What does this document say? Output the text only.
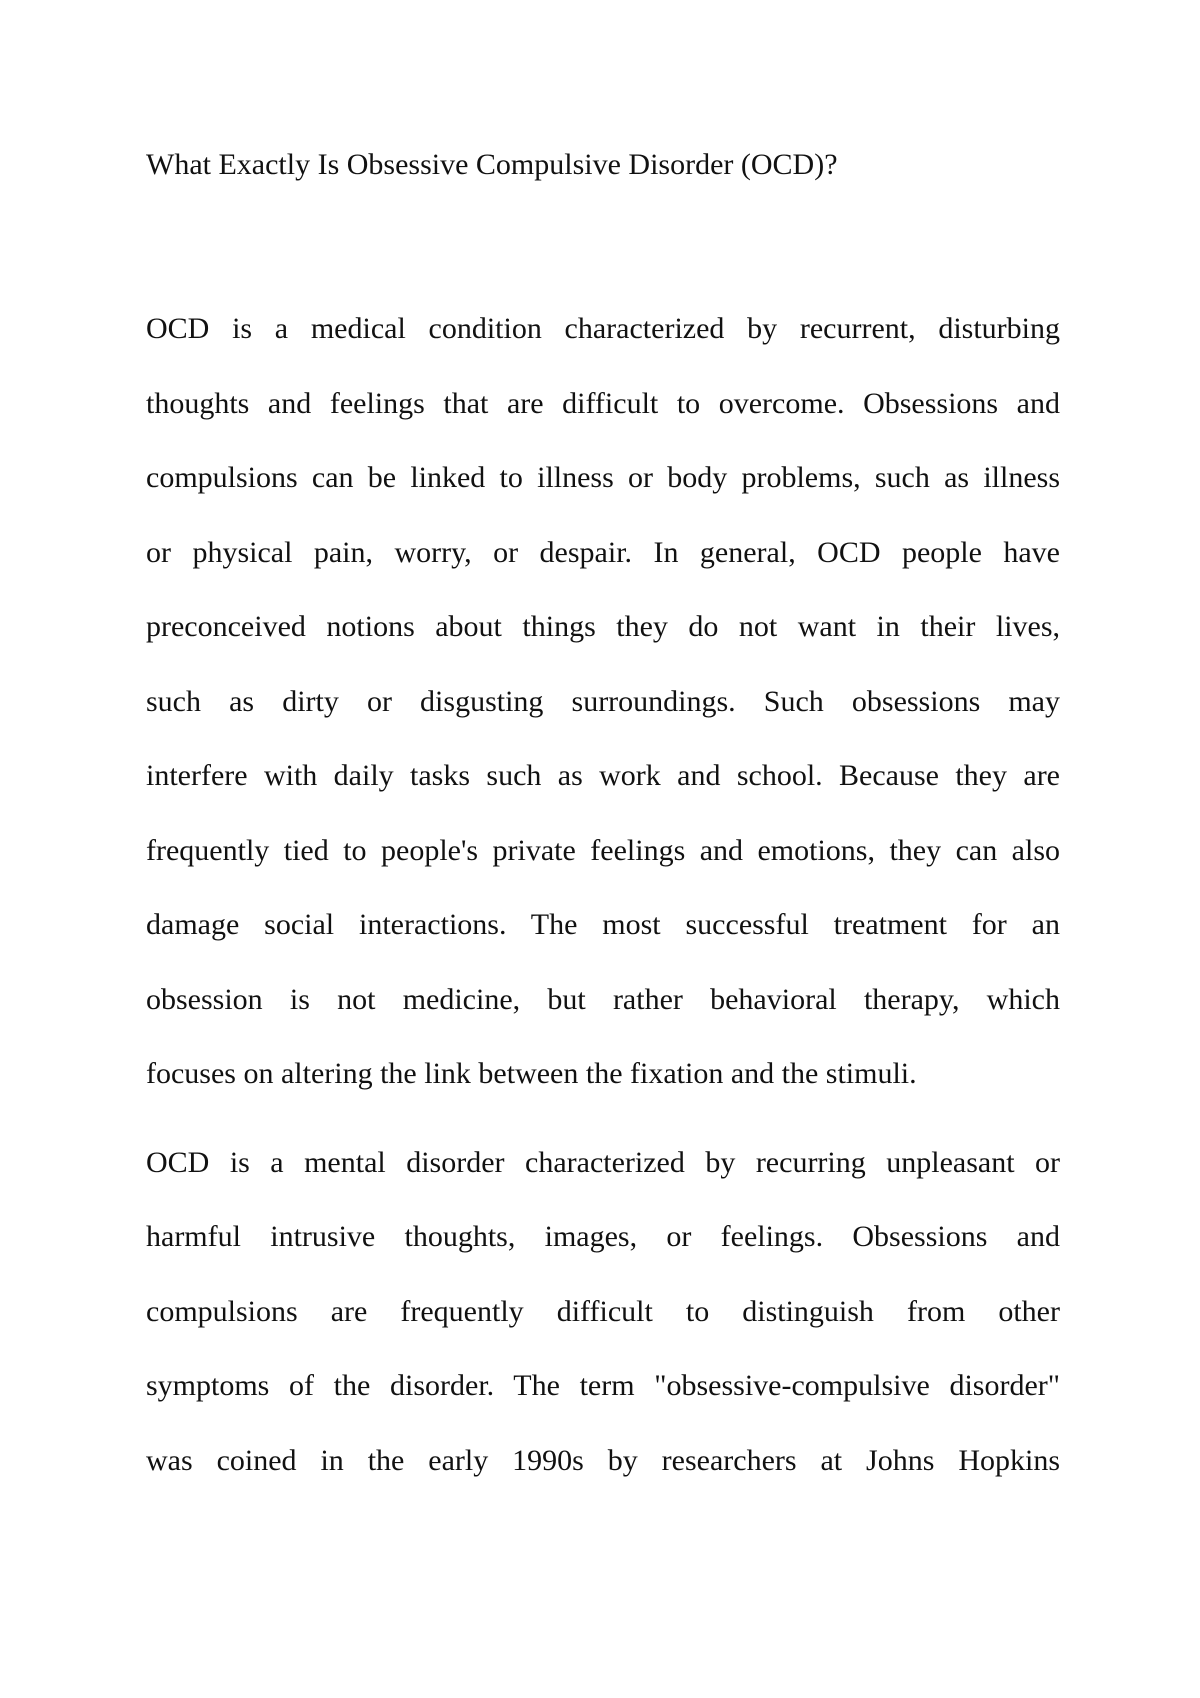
What Exactly Is Obsessive Compulsive Disorder (OCD)?

OCD is a medical condition characterized by recurrent, disturbing
thoughts and feelings that are difficult to overcome. Obsessions and
compulsions can be linked to illness or body problems, such as illness
or physical pain, worry, or despair. In general, OCD people have
preconceived notions about things they do not want in their lives,
such as dirty or disgusting surroundings. Such obsessions may
interfere with daily tasks such as work and school. Because they are
frequently tied to people's private feelings and emotions, they can also
damage social interactions. The most successful treatment for an
obsession is not medicine, but rather behavioral therapy, which
focuses on altering the link between the fixation and the stimuli.

OCD is a mental disorder characterized by recurring unpleasant or
harmful intrusive thoughts, images, or feelings. Obsessions and
compulsions are frequently difficult to distinguish from other
symptoms of the disorder. The term "obsessive-compulsive disorder"
was coined in the early 1990s by researchers at Johns Hopkins
